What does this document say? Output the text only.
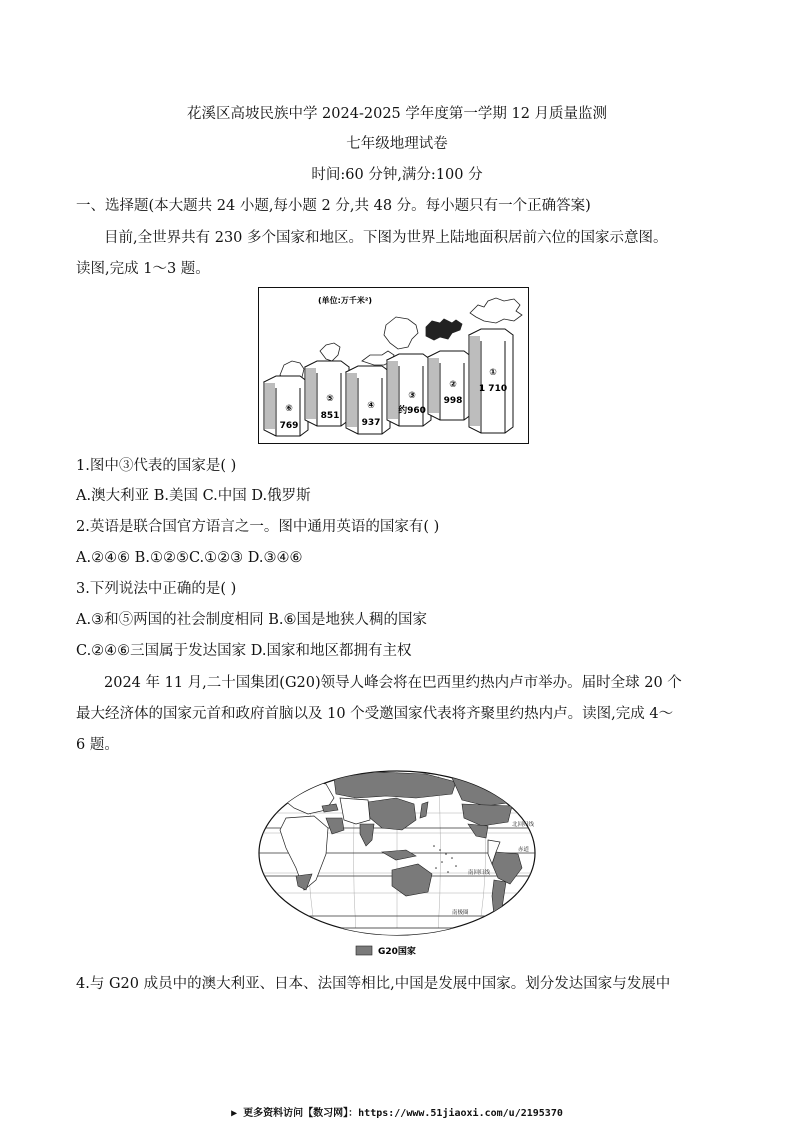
花溪区高坡民族中学 2024-2025 学年度第一学期 12 月质量监测
七年级地理试卷
时间:60 分钟,满分:100 分
一、选择题(本大题共 24 小题,每小题 2 分,共 48 分。每小题只有一个正确答案)
目前,全世界共有 230 多个国家和地区。下图为世界上陆地面积居前六位的国家示意图。
读图,完成 1～3 题。
(单位:万千米²)
⑥
769
⑤
851
④
937
③
约960
②
998
①
1 710
1.图中③代表的国家是( )
A.澳大利亚 B.美国 C.中国 D.俄罗斯
2.英语是联合国官方语言之一。图中通用英语的国家有( )
A.②④⑥ B.①②⑤C.①②③ D.③④⑥
3.下列说法中正确的是( )
A.③和⑤两国的社会制度相同 B.⑥国是地狭人稠的国家
C.②④⑥三国属于发达国家 D.国家和地区都拥有主权
2024 年 11 月,二十国集团(G20)领导人峰会将在巴西里约热内卢市举办。届时全球 20 个
最大经济体的国家元首和政府首脑以及 10 个受邀国家代表将齐聚里约热内卢。读图,完成 4～
6 题。
北回归线
赤道
南回归线
南极圈
G20国家
4.与 G20 成员中的澳大利亚、日本、法国等相比,中国是发展中国家。划分发达国家与发展中
▶ 更多资料访问【数习网】：https://www.51jiaoxi.com/u/2195370
